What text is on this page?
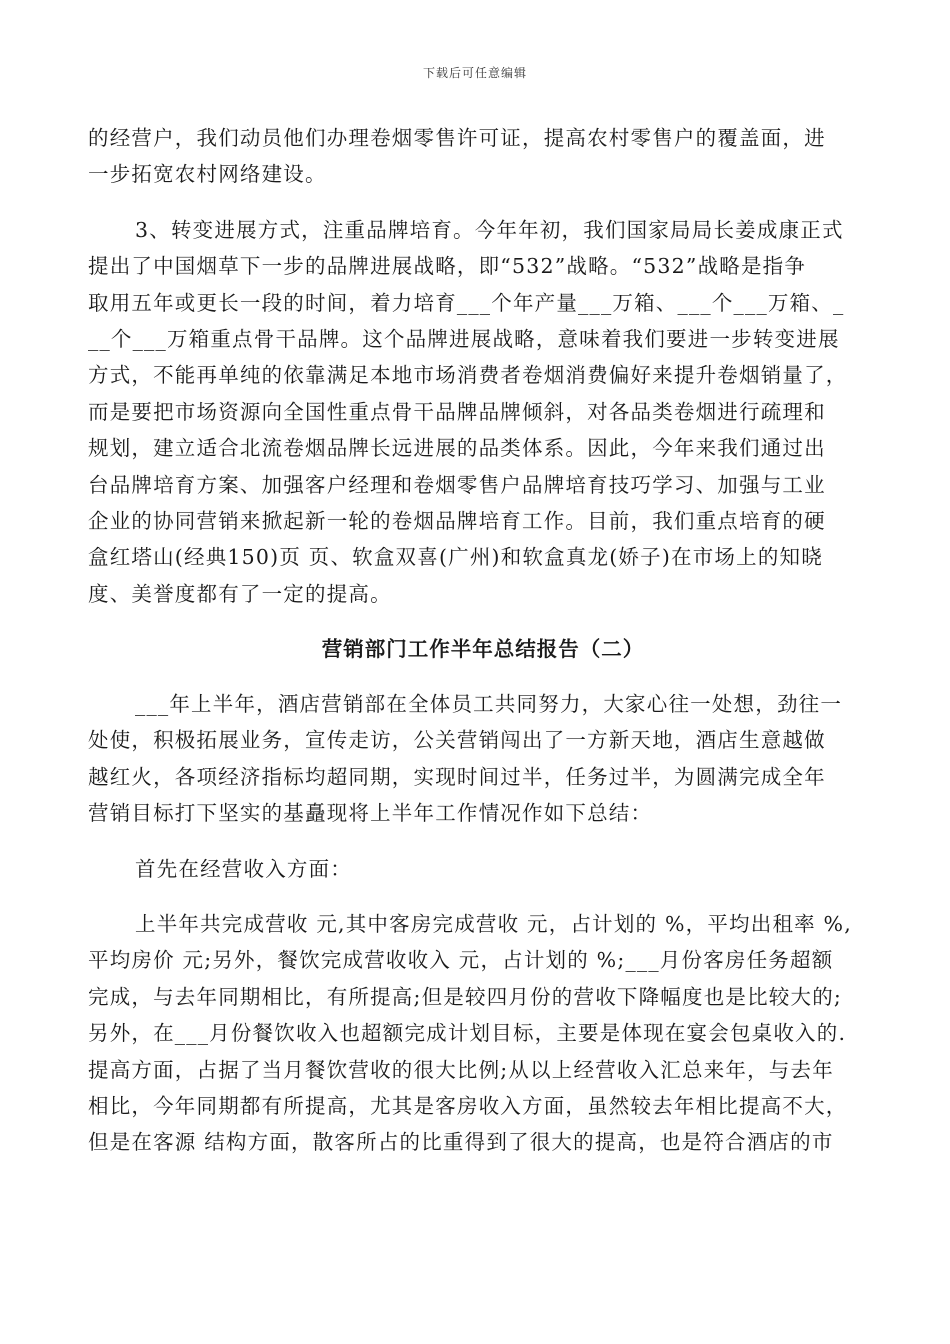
下载后可任意编辑
的经营户，我们动员他们办理卷烟零售许可证，提高农村零售户的覆盖面，进
一步拓宽农村网络建设。
3、转变进展方式，注重品牌培育。今年年初，我们国家局局长姜成康正式
提出了中国烟草下一步的品牌进展战略，即“532”战略。“532”战略是指争
取用五年或更长一段的时间，着力培育___个年产量___万箱、___个___万箱、_
__个___万箱重点骨干品牌。这个品牌进展战略，意味着我们要进一步转变进展
方式，不能再单纯的依靠满足本地市场消费者卷烟消费偏好来提升卷烟销量了，
而是要把市场资源向全国性重点骨干品牌品牌倾斜，对各品类卷烟进行疏理和
规划，建立适合北流卷烟品牌长远进展的品类体系。因此，今年来我们通过出
台品牌培育方案、加强客户经理和卷烟零售户品牌培育技巧学习、加强与工业
企业的协同营销来掀起新一轮的卷烟品牌培育工作。目前，我们重点培育的硬
盒红塔山(经典150)页 页、软盒双喜(广州)和软盒真龙(娇子)在市场上的知晓
度、美誉度都有了一定的提高。
营销部门工作半年总结报告（二）
___年上半年，酒店营销部在全体员工共同努力，大家心往一处想，劲往一
处使，积极拓展业务，宣传走访，公关营销闯出了一方新天地，酒店生意越做
越红火，各项经济指标均超同期，实现时间过半，任务过半，为圆满完成全年
营销目标打下坚实的基矗现将上半年工作情况作如下总结：
首先在经营收入方面：
上半年共完成营收 元,其中客房完成营收 元，占计划的 %，平均出租率 %,
平均房价 元;另外，餐饮完成营收收入 元，占计划的 %;___月份客房任务超额
完成，与去年同期相比，有所提高;但是较四月份的营收下降幅度也是比较大的;
另外，在___月份餐饮收入也超额完成计划目标，主要是体现在宴会包桌收入的.
提高方面，占据了当月餐饮营收的很大比例;从以上经营收入汇总来年，与去年
相比，今年同期都有所提高，尤其是客房收入方面，虽然较去年相比提高不大，
但是在客源 结构方面，散客所占的比重得到了很大的提高，也是符合酒店的市
